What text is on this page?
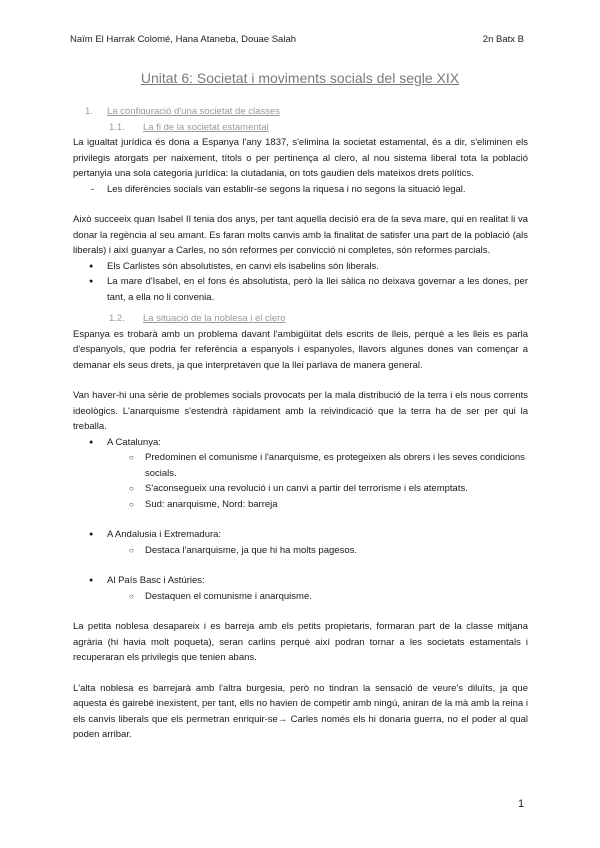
Naïm El Harrak Colomé, Hana Ataneba, Douae Salah	2n Batx B
Unitat 6: Societat i moviments socials del segle XIX

1. La configuració d'una societat de classes

1.1. La fi de la societat estamental

La igualtat jurídica és dona a Espanya l'any 1837, s'elimina la societat estamental, és a dir, s'eliminen els privilegis atorgats per naixement, títols o per pertinença al clero, al nou sistema liberal tota la població pertanyia una sola categoria jurídica: la ciutadania, on tots gaudien dels mateixos drets polítics.

- Les diferències socials van establir-se segons la riquesa i no segons la situació legal.

Això succeeix quan Isabel II tenia dos anys, per tant aquella decisió era de la seva mare, qui en realitat li va donar la regència al seu amant. Es faran molts canvis amb la finalitat de satisfer una part de la població (als liberals) i així guanyar a Carles, no són reformes per convicció ni completes, són reformes parcials.

● Els Carlistes són absolutistes, en canvi els isabelins són liberals.
● La mare d'Isabel, en el fons és absolutista, però la llei sàlica no deixava governar a les dones, per tant, a ella no li convenia.

1.2. La situació de la noblesa i el clero

Espanya es trobarà amb un problema davant l'ambigüitat dels escrits de lleis, perquè a les lleis es parla d'espanyols, que podria fer referència a espanyols i espanyoles, llavors algunes dones van començar a demanar els seus drets, ja que interpretaven que la llei parlava de manera general.

Van haver-hi una sèrie de problemes socials provocats per la mala distribució de la terra i els nous corrents ideològics. L'anarquisme s'estendrà ràpidament amb la reivindicació que la terra ha de ser per qui la treballa.

● A Catalunya:
○ Predominen el comunisme i l'anarquisme, es protegeixen als obrers i les seves condicions socials.
○ S'aconsegueix una revolució i un canvi a partir del terrorisme i els atemptats.
○ Sud: anarquisme, Nord: barreja
● A Andalusia i Extremadura:
○ Destaca l'anarquisme, ja que hi ha molts pagesos.
● Al País Basc i Astúries:
○ Destaquen el comunisme i anarquisme.

La petita noblesa desapareix i es barreja amb els petits propietaris, formaran part de la classe mitjana agrària (hi havia molt poqueta), seran carlins perquè així podran tornar a les societats estamentals i recuperaran els privilegis que tenien abans.

L'alta noblesa es barrejarà amb l'altra burgesia, però no tindran la sensació de veure's diluïts, ja que aquesta és gairebé inexistent, per tant, ells no havien de competir amb ningú, aniran de la mà amb la reina i els canvis liberals que els permetran enriquir-se→ Carles només els hi donaria guerra, no el poder al qual poden arribar.

1
